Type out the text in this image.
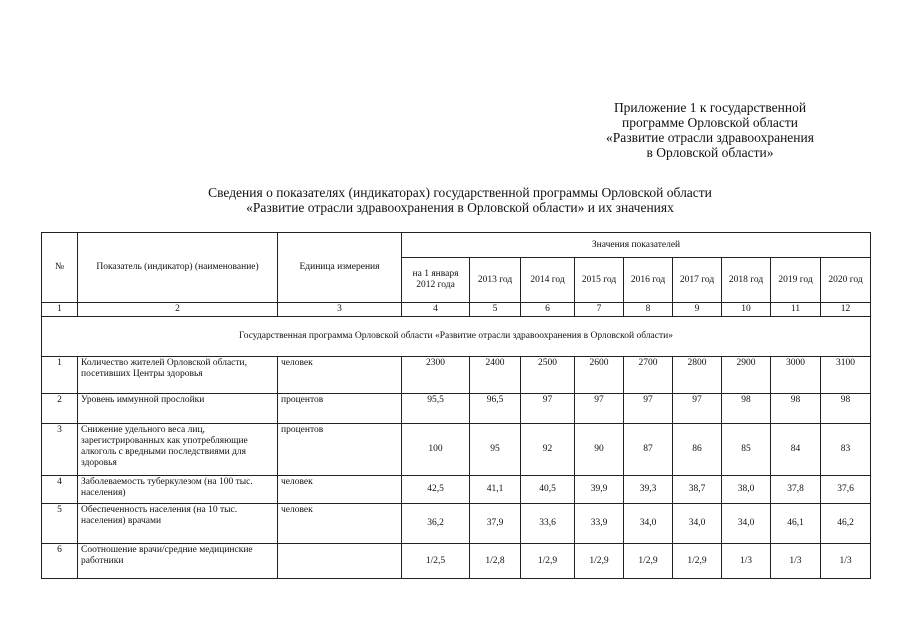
Приложение 1 к государственной
программе Орловской области
«Развитие отрасли здравоохранения
в Орловской области»
Сведения о показателях (индикаторах) государственной программы Орловской области
«Развитие отрасли здравоохранения в Орловской области» и их значениях
№	Показатель (индикатор) (наименование)	Единица измерения	Значения показателей								
			на 1 января 2012 года	2013 год	2014 год	2015 год	2016 год	2017 год	2018 год	2019 год	2020 год
1	2	3	4	5	6	7	8	9	10	11	12
Государственная программа Орловской области «Развитие отрасли здравоохранения в Орловской области»											
1	Количество жителей Орловской области, посетивших Центры здоровья	человек	2300	2400	2500	2600	2700	2800	2900	3000	3100
2	Уровень иммунной прослойки	процентов	95,5	96,5	97	97	97	97	98	98	98
3	Снижение удельного веса лиц, зарегистрированных как употребляющие алкоголь с вредными последствиями для здоровья	процентов	100	95	92	90	87	86	85	84	83
4	Заболеваемость туберкулезом (на 100 тыс. населения)	человек	42,5	41,1	40,5	39,9	39,3	38,7	38,0	37,8	37,6
5	Обеспеченность населения (на 10 тыс. населения) врачами	человек	36,2	37,9	33,6	33,9	34,0	34,0	34,0	46,1	46,2
6	Соотношение врачи/средние медицинские работники		1/2,5	1/2,8	1/2,9	1/2,9	1/2,9	1/2,9	1/3	1/3	1/3
